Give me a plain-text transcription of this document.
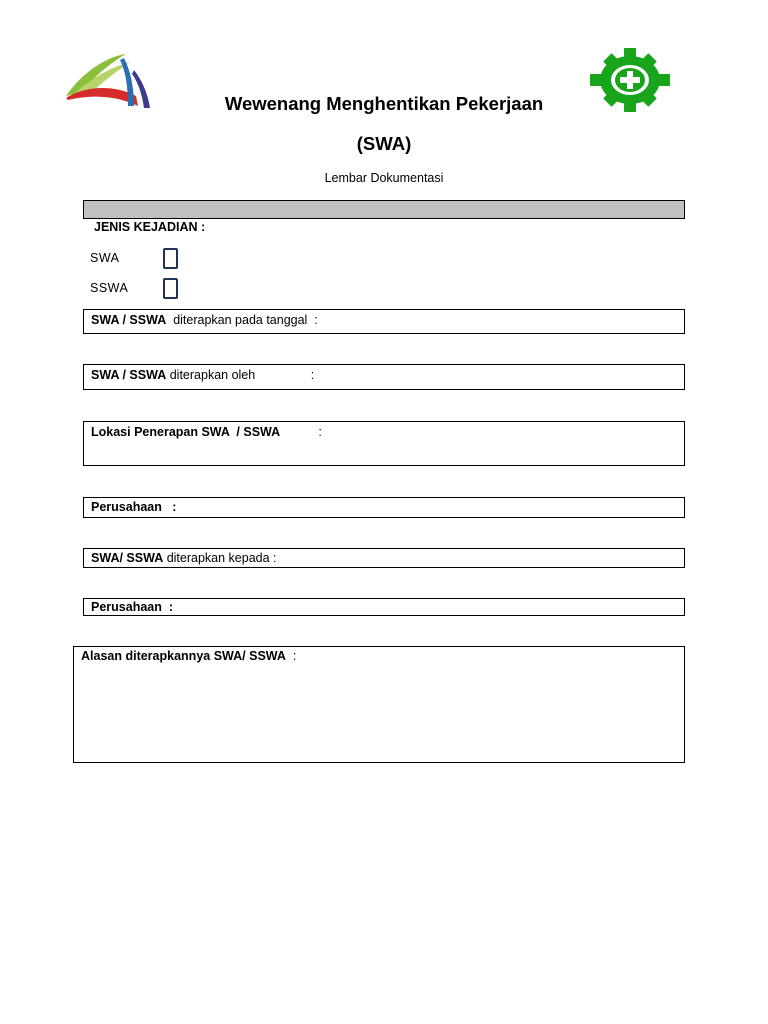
Wewenang Menghentikan Pekerjaan
(SWA)
Lembar Dokumentasi
JENIS KEJADIAN :
SWA
SSWA
SWA / SSWA  diterapkan pada tanggal  :
SWA / SSWA diterapkan oleh                :
Lokasi Penerapan SWA  / SSWA           :
Perusahaan   :
SWA/ SSWA diterapkan kepada :
Perusahaan  :
Alasan diterapkannya SWA/ SSWA  :
